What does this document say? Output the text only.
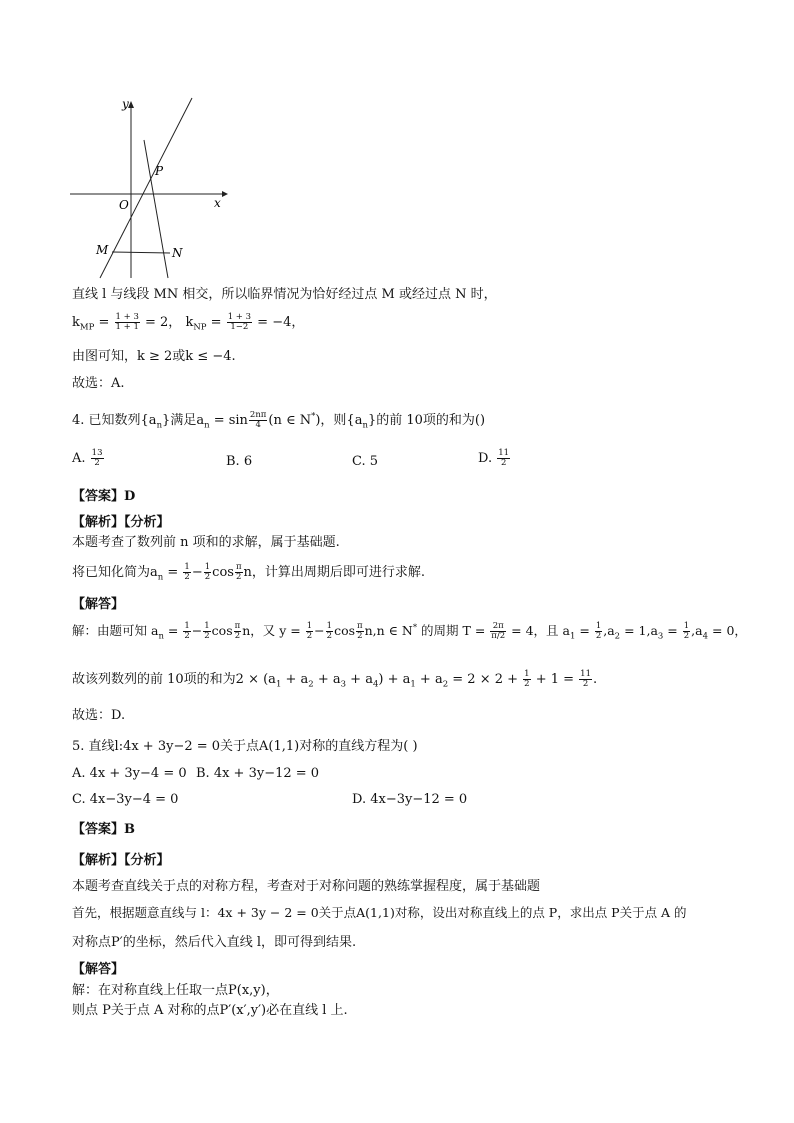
y
x
O
P
M	N
直线 l 与线段 MN 相交，所以临界情况为恰好经过点 M 或经过点 N 时，
$k_{MP} = \frac{1 + 3}{1 + 1} = 2$， $k_{NP} = \frac{1 + 3}{1-2} = -4$，
由图可知，k ≥ 2或k ≤ −4.
故选：A.
4. 已知数列$\{a_n\}$满足$a_n = \sin \frac{2n\pi}{4} (n$ ∈ N*)，则$\{a_n\}$的前 10项的和为()
A. $\frac{13}{2}$	B. 6	C. 5	D. $\frac{11}{2}$
【答案】D
【解析】【分析】
本题考查了数列前 n 项和的求解，属于基础题.
将已知化简为$a_n = \frac{1}{2} - \frac{1}{2}$ $\cos \frac{\pi}{2}$ n，计算出周期后即可进行求解.
【解答】
解：由题可知 $a_n = \frac{1}{2} - \frac{1}{2}$ $\cos \frac{\pi}{2}$ n，又 $y = \frac{1}{2} - \frac{1}{2}$ $\cos \frac{\pi}{2} n,n$ ∈ N* 的周期 $T = \frac{2\pi}{\pi/2} = 4$，且 $a_1 = \frac{1}{2} ,a_2 = 1,a_3 = \frac{1}{2} ,a_4 = 0$，
故该列数列的前 10项的和为$2 \times (a_1 + a_2 + a_3 + a_4) + a_1 + a_2 = 2 \times 2 + \frac{1}{2} + 1 = \frac{11}{2}$ .
故选：D.
5. 直线l:4x + 3y−2 = 0关于点A(1,1)对称的直线方程为( )
A. 4x + 3y−4 = 0 B. 4x + 3y−12 = 0
C. 4x−3y−4 = 0	D. 4x−3y−12 = 0
【答案】B
【解析】【分析】
本题考查直线关于点的对称方程，考查对于对称问题的熟练掌握程度，属于基础题
首先，根据题意直线与 l：4x + 3y − 2 = 0关于点A(1,1)对称，设出对称直线上的点 P，求出点 P关于点 A 的
对称点P′的坐标，然后代入直线 l，即可得到结果.
【解答】
解：在对称直线上任取一点P(x,y)，
则点 P关于点 A 对称的点P′(x′,y′)必在直线 l 上.
